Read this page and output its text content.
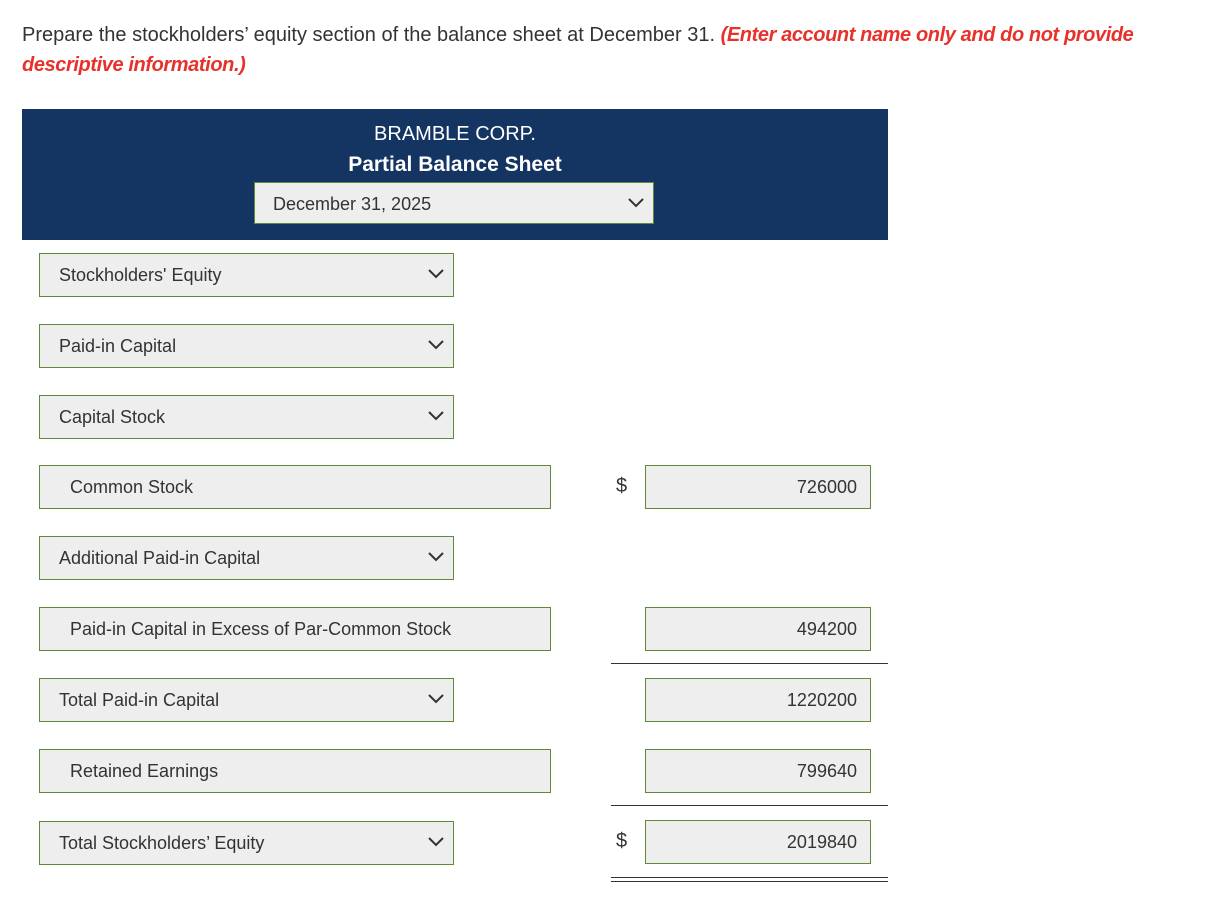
Prepare the stockholders’ equity section of the balance sheet at December 31. (Enter account name only and do not provide descriptive information.)
BRAMBLE CORP.
Partial Balance Sheet
December 31, 2025
Stockholders' Equity
Paid-in Capital
Capital Stock
Common Stock	$	726000
Additional Paid-in Capital
Paid-in Capital in Excess of Par-Common Stock	494200
Total Paid-in Capital	1220200
Retained Earnings	799640
Total Stockholders’ Equity	$	2019840
